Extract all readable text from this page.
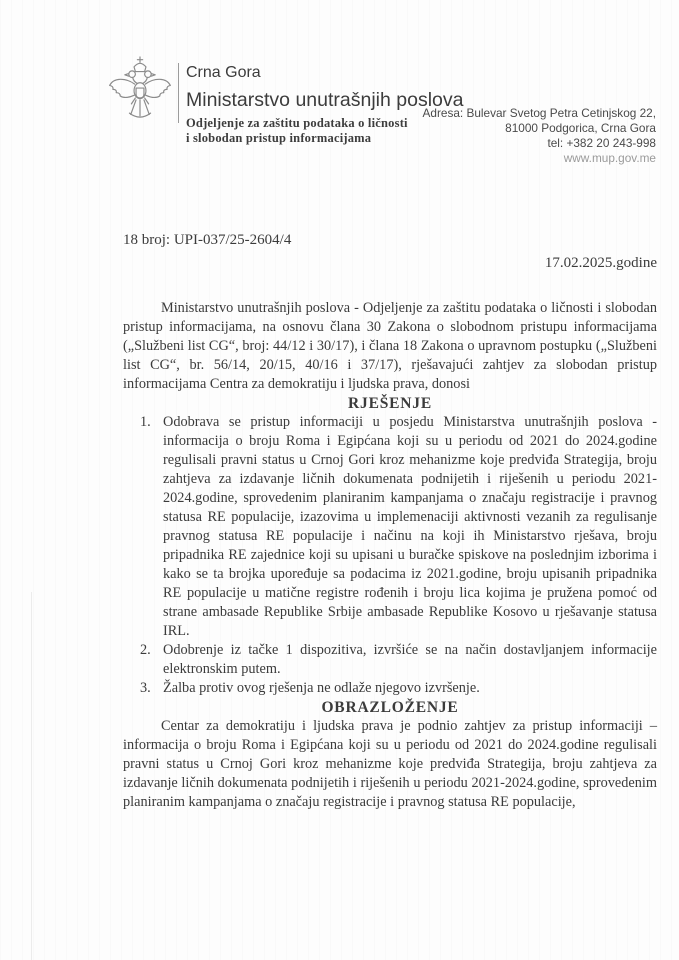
Crna Gora
Ministarstvo unutrašnjih poslova
Odjeljenje za zaštitu podataka o ličnosti
i slobodan pristup informacijama
Adresa: Bulevar Svetog Petra Cetinjskog 22,
81000 Podgorica, Crna Gora
tel: +382 20 243-998
www.mup.gov.me
18 broj: UPI-037/25-2604/4
17.02.2025.godine

Ministarstvo unutrašnjih poslova - Odjeljenje za zaštitu podataka o ličnosti i slobodan pristup informacijama, na osnovu člana 30 Zakona o slobodnom pristupu informacijama („Službeni list CG“, broj: 44/12 i 30/17), i člana 18 Zakona o upravnom postupku („Službeni list CG“, br. 56/14, 20/15, 40/16 i 37/17), rješavajući zahtjev za slobodan pristup informacijama Centra za demokratiju i ljudska prava, donosi

RJEŠENJE

1. Odobrava se pristup informaciji u posjedu Ministarstva unutrašnjih poslova - informacija o broju Roma i Egipćana koji su u periodu od 2021 do 2024.godine regulisali pravni status u Crnoj Gori kroz mehanizme koje predviđa Strategija, broju zahtjeva za izdavanje ličnih dokumenata podnijetih i riješenih u periodu 2021-2024.godine, sprovedenim planiranim kampanjama o značaju registracije i pravnog statusa RE populacije, izazovima u implemenaciji aktivnosti vezanih za regulisanje pravnog statusa RE populacije i načinu na koji ih Ministarstvo rješava, broju pripadnika RE zajednice koji su upisani u buračke spiskove na poslednjim izborima i kako se ta brojka upoređuje sa podacima iz 2021.godine, broju upisanih pripadnika RE populacije u matične registre rođenih i broju lica kojima je pružena pomoć od strane ambasade Republike Srbije ambasade Republike Kosovo u rješavanje statusa IRL.
2. Odobrenje iz tačke 1 dispozitiva, izvršiće se na način dostavljanjem informacije elektronskim putem.
3. Žalba protiv ovog rješenja ne odlaže njegovo izvršenje.

OBRAZLOŽENJE

Centar za demokratiju i ljudska prava je podnio zahtjev za pristup informaciji – informacija o broju Roma i Egipćana koji su u periodu od 2021 do 2024.godine regulisali pravni status u Crnoj Gori kroz mehanizme koje predviđa Strategija, broju zahtjeva za izdavanje ličnih dokumenata podnijetih i riješenih u periodu 2021-2024.godine, sprovedenim planiranim kampanjama o značaju registracije i pravnog statusa RE populacije,
